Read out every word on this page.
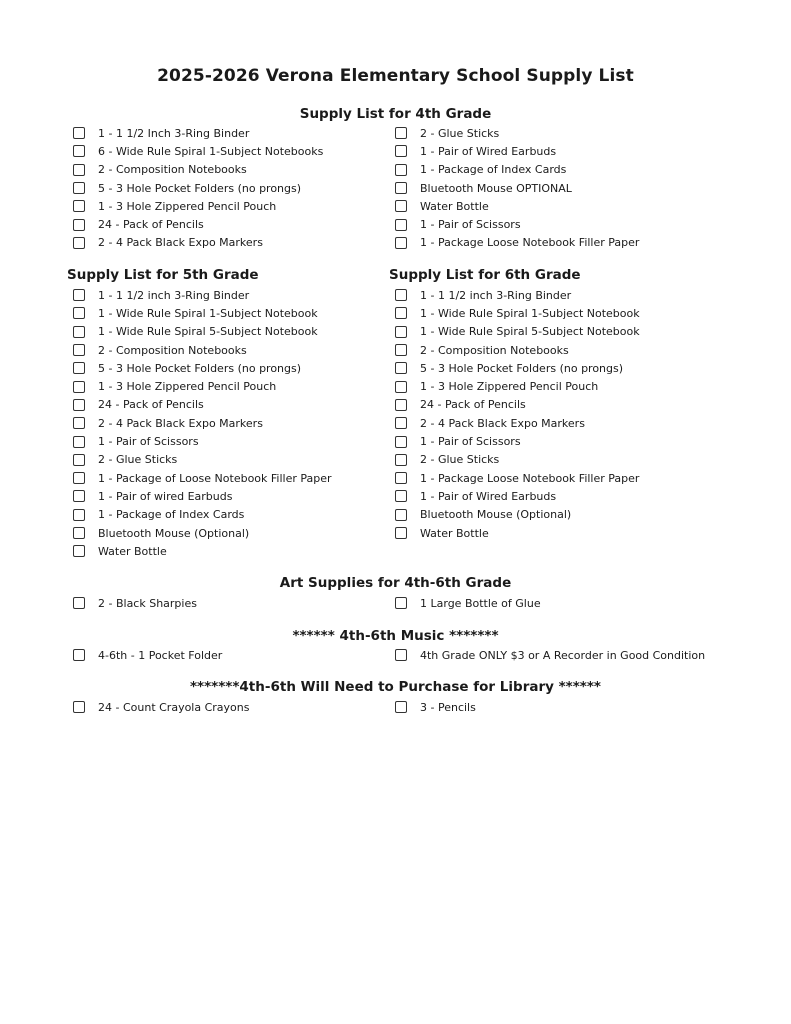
2025-2026 Verona Elementary School Supply List
Supply List for 4th Grade
1 - 1 1/2 Inch 3-Ring Binder
6 - Wide Rule Spiral 1-Subject Notebooks
2 - Composition Notebooks
5 - 3 Hole Pocket Folders (no prongs)
1 - 3 Hole Zippered Pencil Pouch
24 - Pack of Pencils
2 - 4 Pack Black Expo Markers
2 - Glue Sticks
1 - Pair of Wired Earbuds
1 - Package of Index Cards
Bluetooth Mouse OPTIONAL
Water Bottle
1 - Pair of Scissors
1 - Package Loose Notebook Filler Paper
Supply List for 5th Grade	Supply List for 6th Grade
1 - 1 1/2 inch 3-Ring Binder
1 - Wide Rule Spiral 1-Subject Notebook
1 - Wide Rule Spiral 5-Subject Notebook
2 - Composition Notebooks
5 - 3 Hole Pocket Folders (no prongs)
1 - 3 Hole Zippered Pencil Pouch
24 - Pack of Pencils
2 - 4 Pack Black Expo Markers
1 - Pair of Scissors
2 - Glue Sticks
1 - Package of Loose Notebook Filler Paper
1 - Pair of wired Earbuds
1 - Package of Index Cards
Bluetooth Mouse (Optional)
Water Bottle
1 - 1 1/2 inch 3-Ring Binder
1 - Wide Rule Spiral 1-Subject Notebook
1 - Wide Rule Spiral 5-Subject Notebook
2 - Composition Notebooks
5 - 3 Hole Pocket Folders (no prongs)
1 - 3 Hole Zippered Pencil Pouch
24 - Pack of Pencils
2 - 4 Pack Black Expo Markers
1 - Pair of Scissors
2 - Glue Sticks
1 - Package Loose Notebook Filler Paper
1 - Pair of Wired Earbuds
Bluetooth Mouse (Optional)
Water Bottle
Art Supplies for 4th-6th Grade
2 - Black Sharpies	1 Large Bottle of Glue
****** 4th-6th Music *******
4-6th - 1 Pocket Folder	4th Grade ONLY $3 or A Recorder in Good Condition
*******4th-6th Will Need to Purchase for Library ******
24 - Count Crayola Crayons	3 - Pencils
